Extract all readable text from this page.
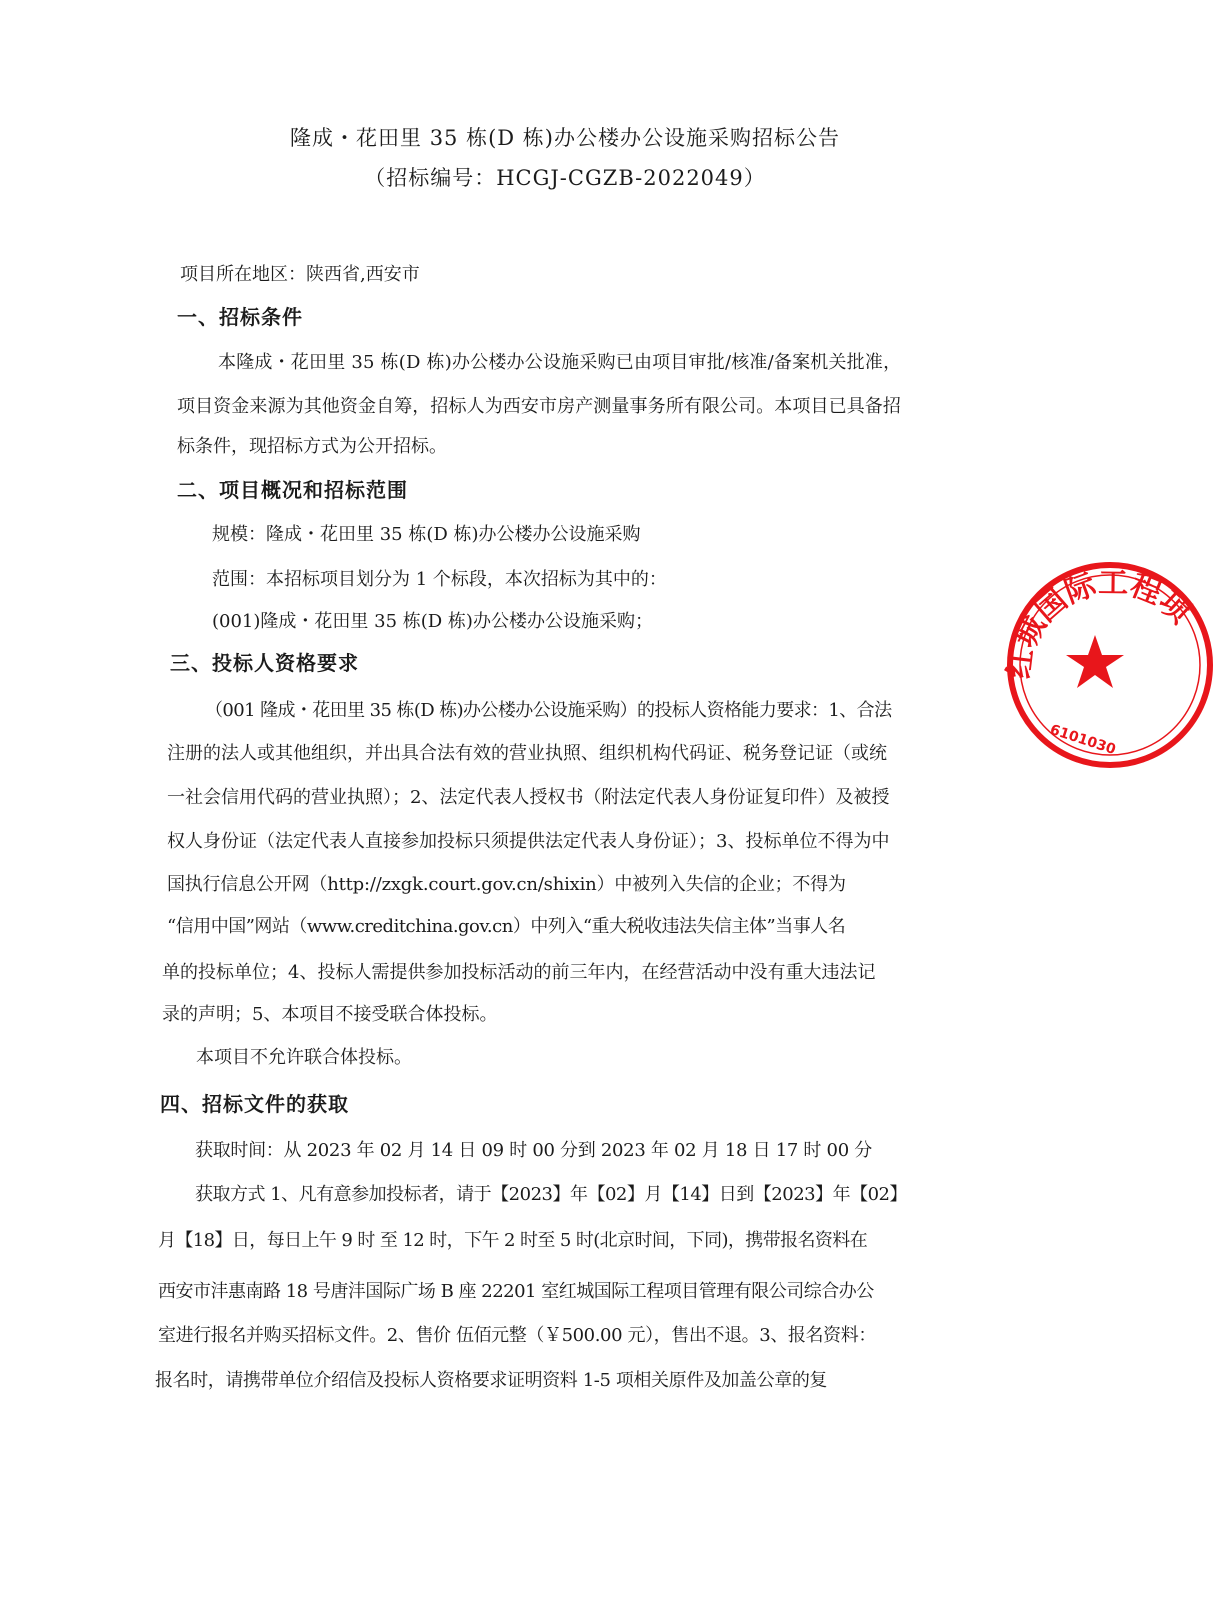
隆成・花田里 35 栋(D 栋)办公楼办公设施采购招标公告
（招标编号：HCGJ-CGZB-2022049）
项目所在地区：陕西省,西安市
一、招标条件
本隆成・花田里 35 栋(D 栋)办公楼办公设施采购已由项目审批/核准/备案机关批准，
项目资金来源为其他资金自筹，招标人为西安市房产测量事务所有限公司。本项目已具备招
标条件，现招标方式为公开招标。
二、项目概况和招标范围
规模：隆成・花田里 35 栋(D 栋)办公楼办公设施采购
范围：本招标项目划分为 1 个标段，本次招标为其中的：
(001)隆成・花田里 35 栋(D 栋)办公楼办公设施采购；
三、投标人资格要求
（001 隆成・花田里 35 栋(D 栋)办公楼办公设施采购）的投标人资格能力要求：1、合法
注册的法人或其他组织，并出具合法有效的营业执照、组织机构代码证、税务登记证（或统
一社会信用代码的营业执照）；2、法定代表人授权书（附法定代表人身份证复印件）及被授
权人身份证（法定代表人直接参加投标只须提供法定代表人身份证）；3、投标单位不得为中
国执行信息公开网（http://zxgk.court.gov.cn/shixin）中被列入失信的企业；不得为
“信用中国”网站（www.creditchina.gov.cn）中列入“重大税收违法失信主体”当事人名
单的投标单位；4、投标人需提供参加投标活动的前三年内，在经营活动中没有重大违法记
录的声明；5、本项目不接受联合体投标。
本项目不允许联合体投标。
四、招标文件的获取
获取时间：从 2023 年 02 月 14 日 09 时 00 分到 2023 年 02 月 18 日 17 时 00 分
获取方式 1、凡有意参加投标者，请于【2023】年【02】月【14】日到【2023】年【02】
月【18】日，每日上午 9 时 至 12 时，下午 2 时至 5 时(北京时间，下同)，携带报名资料在
西安市沣惠南路 18 号唐沣国际广场 B 座 22201 室红城国际工程项目管理有限公司综合办公
室进行报名并购买招标文件。2、售价 伍佰元整（￥500.00 元），售出不退。3、报名资料：
报名时，请携带单位介绍信及投标人资格要求证明资料 1-5 项相关原件及加盖公章的复
红城国际工程项
6101030
